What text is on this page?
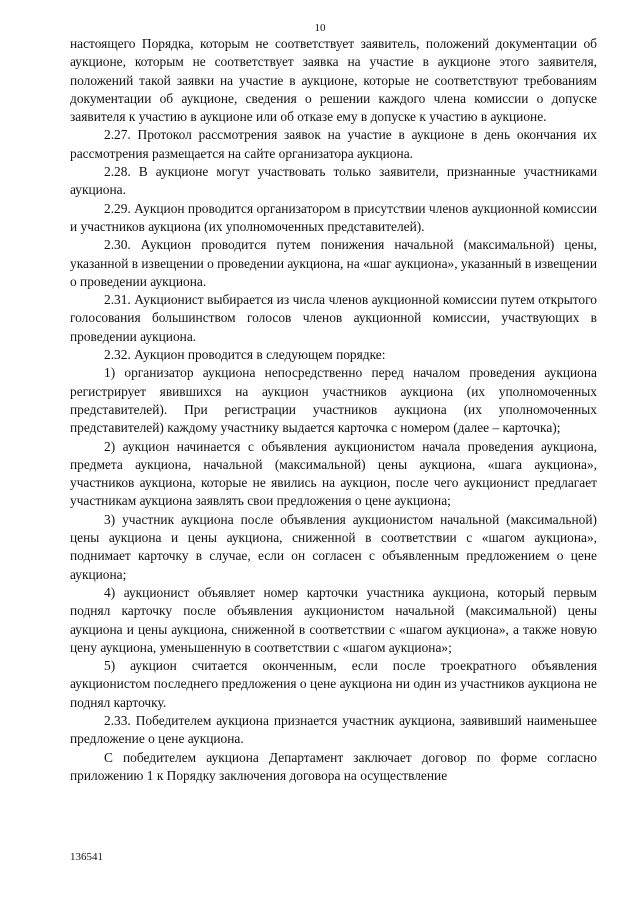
10

настоящего Порядка, которым не соответствует заявитель, положений документации об аукционе, которым не соответствует заявка на участие в аукционе этого заявителя, положений такой заявки на участие в аукционе, которые не соответствуют требованиям документации об аукционе, сведения о решении каждого члена комиссии о допуске заявителя к участию в аукционе или об отказе ему в допуске к участию в аукционе.

2.27. Протокол рассмотрения заявок на участие в аукционе в день окончания их рассмотрения размещается на сайте организатора аукциона.

2.28. В аукционе могут участвовать только заявители, признанные участниками аукциона.

2.29. Аукцион проводится организатором в присутствии членов аукционной комиссии и участников аукциона (их уполномоченных представителей).

2.30. Аукцион проводится путем понижения начальной (максимальной) цены, указанной в извещении о проведении аукциона, на «шаг аукциона», указанный в извещении о проведении аукциона.

2.31. Аукционист выбирается из числа членов аукционной комиссии путем открытого голосования большинством голосов членов аукционной комиссии, участвующих в проведении аукциона.

2.32. Аукцион проводится в следующем порядке:

1) организатор аукциона непосредственно перед началом проведения аукциона регистрирует явившихся на аукцион участников аукциона (их уполномоченных представителей). При регистрации участников аукциона (их уполномоченных представителей) каждому участнику выдается карточка с номером (далее – карточка);

2) аукцион начинается с объявления аукционистом начала проведения аукциона, предмета аукциона, начальной (максимальной) цены аукциона, «шага аукциона», участников аукциона, которые не явились на аукцион, после чего аукционист предлагает участникам аукциона заявлять свои предложения о цене аукциона;

3) участник аукциона после объявления аукционистом начальной (максимальной) цены аукциона и цены аукциона, сниженной в соответствии с «шагом аукциона», поднимает карточку в случае, если он согласен с объявленным предложением о цене аукциона;

4) аукционист объявляет номер карточки участника аукциона, который первым поднял карточку после объявления аукционистом начальной (максимальной) цены аукциона и цены аукциона, сниженной в соответствии с «шагом аукциона», а также новую цену аукциона, уменьшенную в соответствии с «шагом аукциона»;

5) аукцион считается оконченным, если после троекратного объявления аукционистом последнего предложения о цене аукциона ни один из участников аукциона не поднял карточку.

2.33. Победителем аукциона признается участник аукциона, заявивший наименьшее предложение о цене аукциона.

С победителем аукциона Департамент заключает договор по форме согласно приложению 1 к Порядку заключения договора на осуществление

136541
